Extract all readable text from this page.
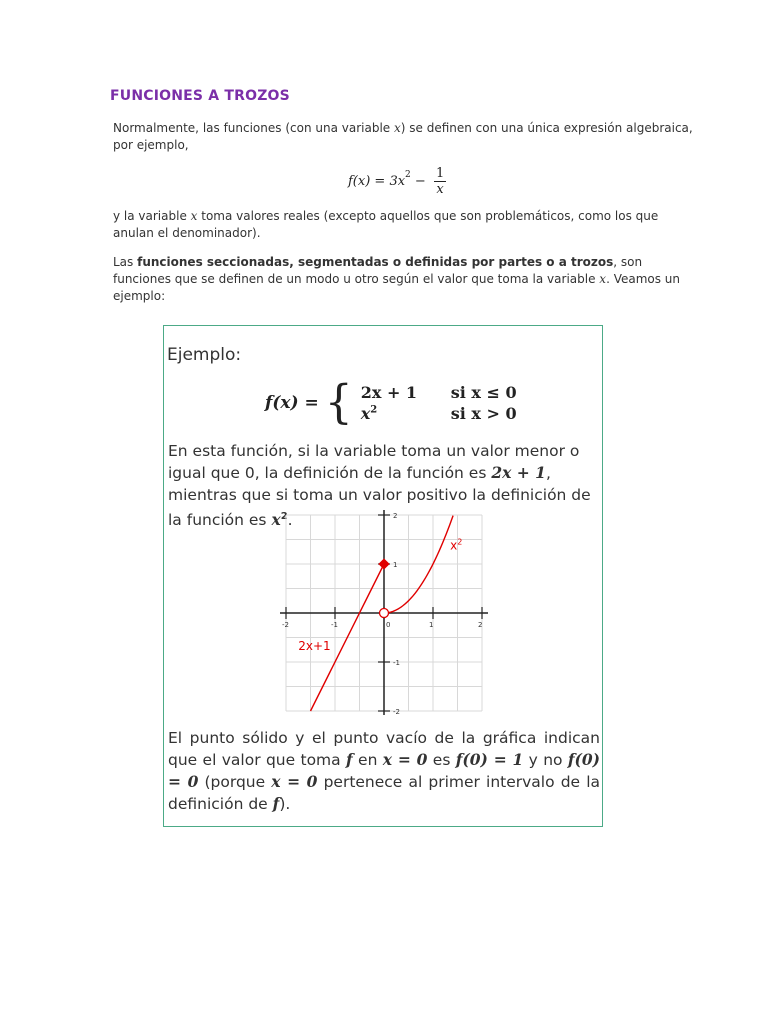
FUNCIONES A TROZOS
Normalmente, las funciones (con una variable x) se definen con una única expresión algebraica, por ejemplo,
$f(x) = 3x^2 - \frac{1}{x}$
y la variable x toma valores reales (excepto aquellos que son problemáticos, como los que anulan el denominador).
Las funciones seccionadas, segmentadas o definidas por partes o a trozos, son funciones que se definen de un modo u otro según el valor que toma la variable x. Veamos un ejemplo:
Ejemplo:
f(x) = { 2x + 1	si x ≤ 0
$x^2$	si x > 0
En esta función, si la variable toma un valor menor o igual que 0, la definición de la función es 2x + 1, mientras que si toma un valor positivo la definición de la función es $x^2$.
-2	-1	0	1	2
2
1
-1
-2
2x+1
$x^2$
El punto sólido y el punto vacío de la gráfica indican que el valor que toma f en x = 0 es f(0) = 1 y no f(0) = 0 (porque x = 0 pertenece al primer intervalo de la definición de f).
